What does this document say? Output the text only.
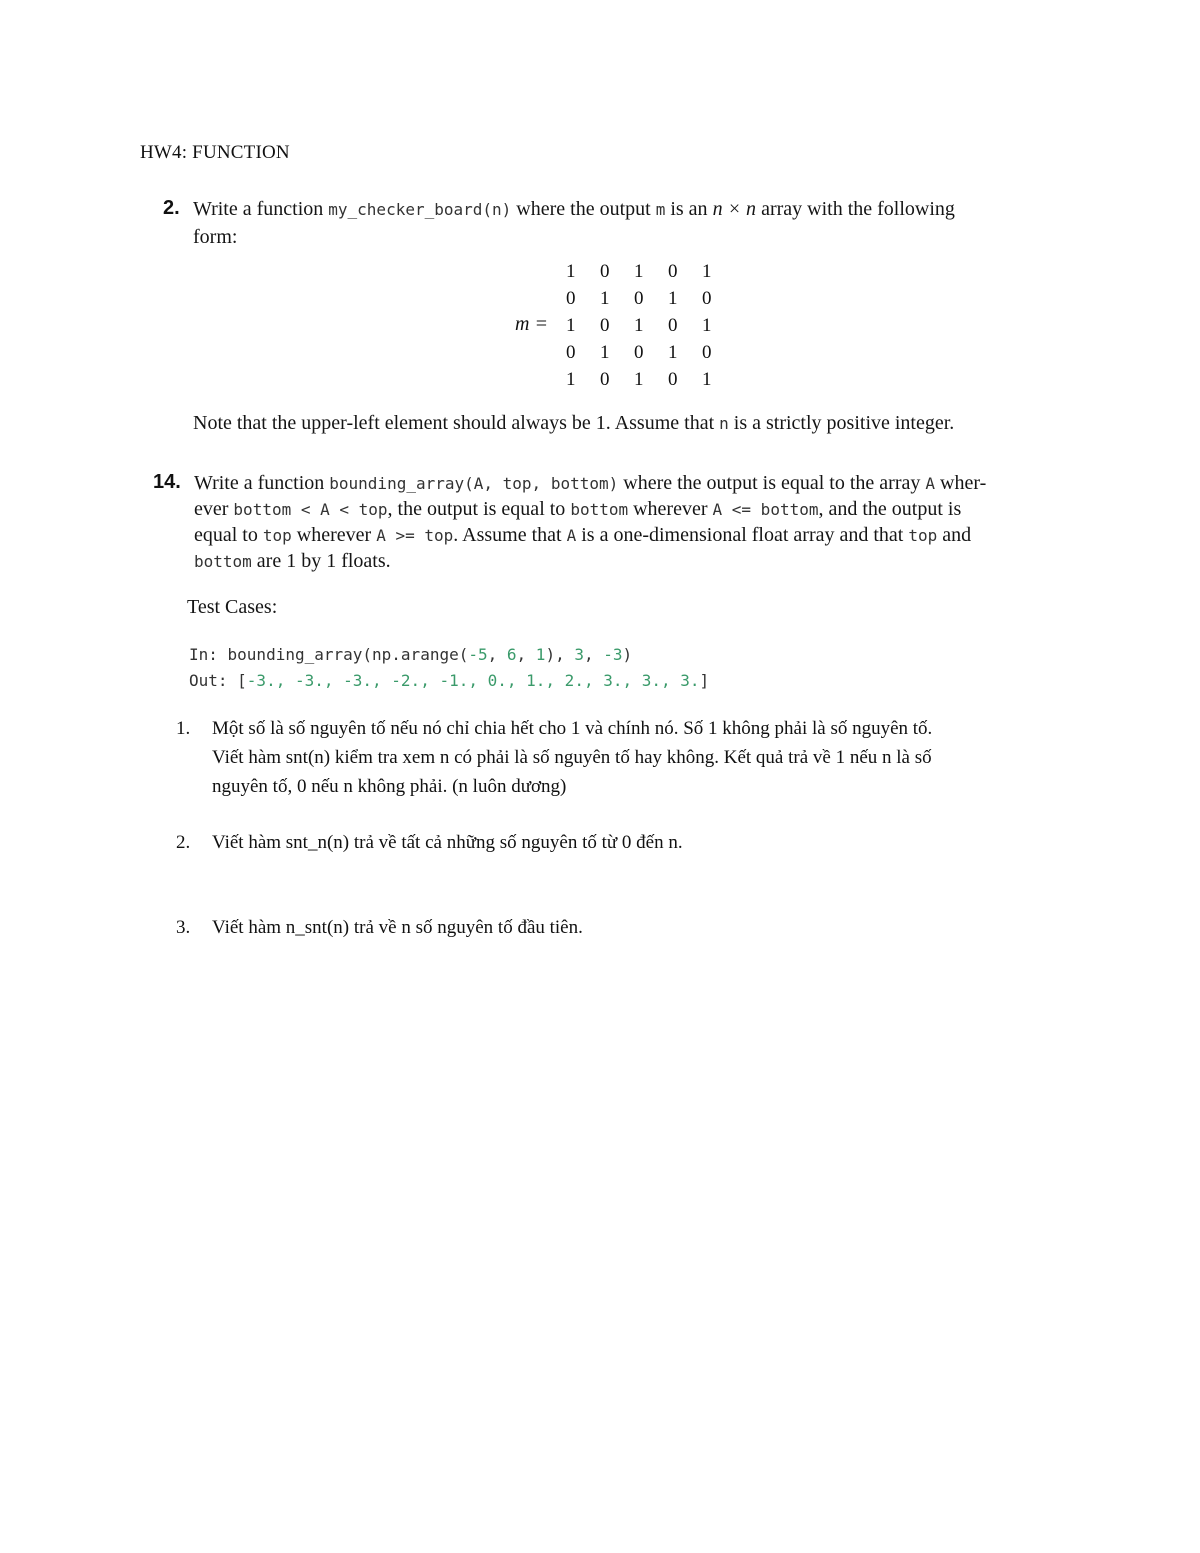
HW4: FUNCTION
2. Write a function my_checker_board(n) where the output m is an n × n array with the following
form:
m =
1	0	1	0	1
0	1	0	1	0
1	0	1	0	1
0	1	0	1	0
1	0	1	0	1
Note that the upper-left element should always be 1. Assume that n is a strictly positive integer.
14. Write a function bounding_array(A, top, bottom) where the output is equal to the array A wher-
ever bottom < A < top, the output is equal to bottom wherever A <= bottom, and the output is
equal to top wherever A >= top. Assume that A is a one-dimensional float array and that top and
bottom are 1 by 1 floats.
Test Cases:
In: bounding_array(np.arange(-5, 6, 1), 3, -3)
Out: [-3., -3., -3., -2., -1., 0., 1., 2., 3., 3., 3.]
1. Một số là số nguyên tố nếu nó chỉ chia hết cho 1 và chính nó. Số 1 không phải là số nguyên tố.
Viết hàm snt(n) kiểm tra xem n có phải là số nguyên tố hay không. Kết quả trả về 1 nếu n là số
nguyên tố, 0 nếu n không phải. (n luôn dương)
2. Viết hàm snt_n(n) trả về tất cả những số nguyên tố từ 0 đến n.
3. Viết hàm n_snt(n) trả về n số nguyên tố đầu tiên.
